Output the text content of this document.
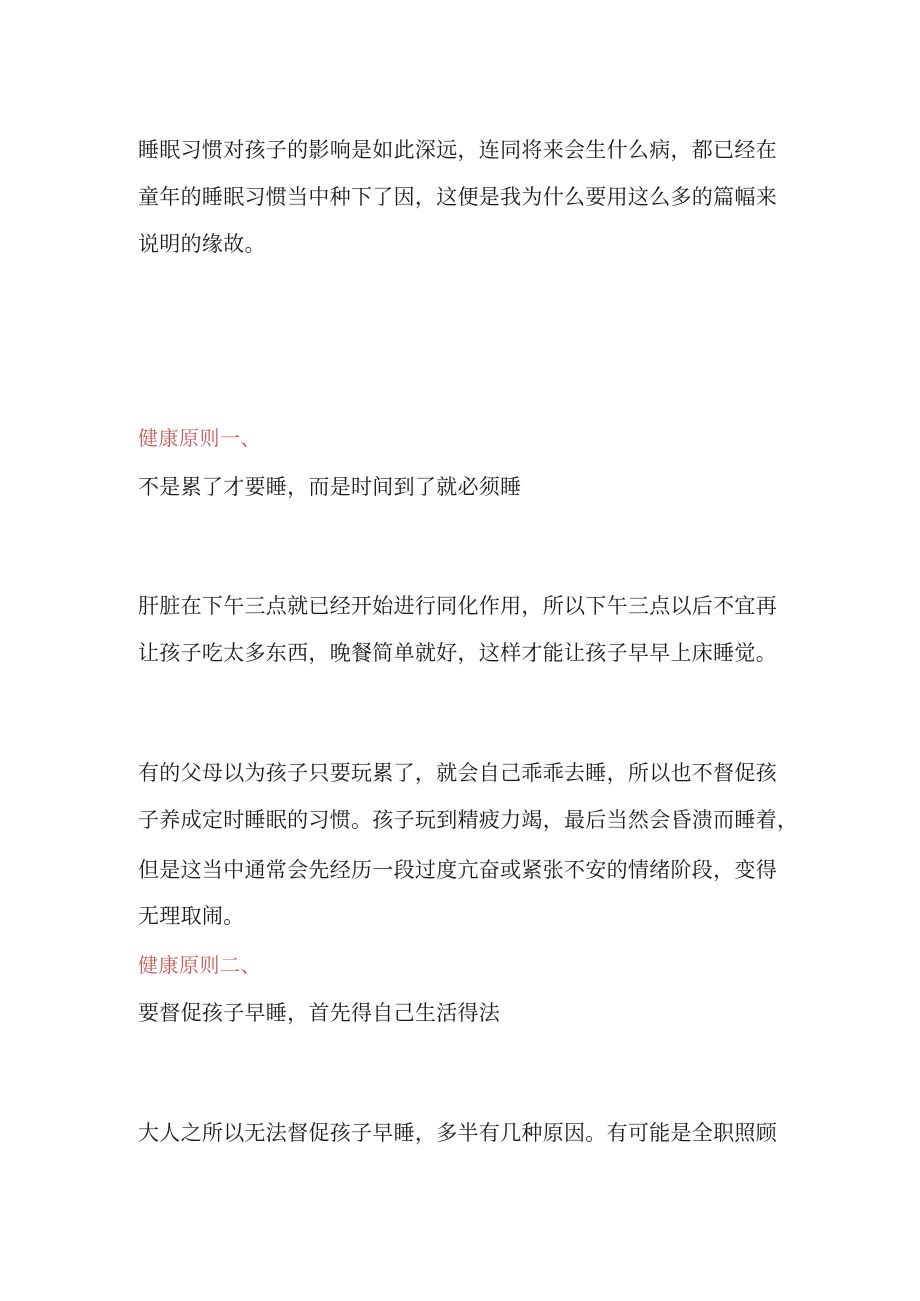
睡眠习惯对孩子的影响是如此深远，连同将来会生什么病，都已经在
童年的睡眠习惯当中种下了因，这便是我为什么要用这么多的篇幅来
说明的缘故。
健康原则一、
不是累了才要睡，而是时间到了就必须睡
肝脏在下午三点就已经开始进行同化作用，所以下午三点以后不宜再
让孩子吃太多东西，晚餐简单就好，这样才能让孩子早早上床睡觉。
有的父母以为孩子只要玩累了，就会自己乖乖去睡，所以也不督促孩
子养成定时睡眠的习惯。孩子玩到精疲力竭，最后当然会昏溃而睡着，
但是这当中通常会先经历一段过度亢奋或紧张不安的情绪阶段，变得
无理取闹。
健康原则二、
要督促孩子早睡，首先得自己生活得法
大人之所以无法督促孩子早睡，多半有几种原因。有可能是全职照顾
